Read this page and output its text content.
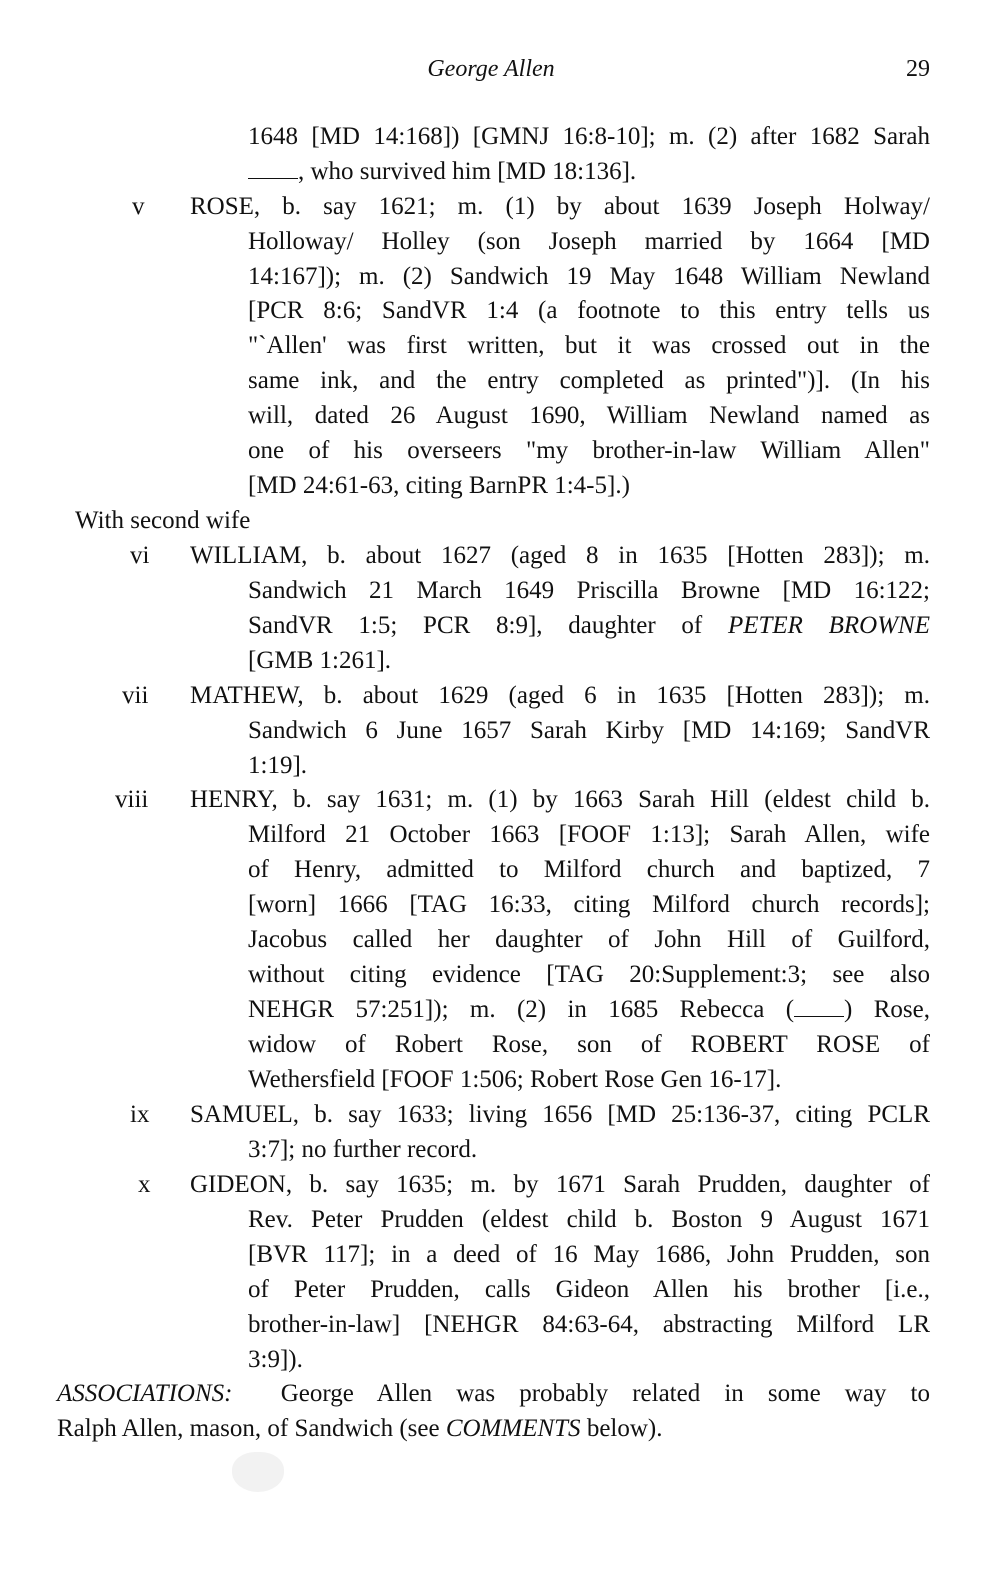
George Allen	29
1648 [MD 14:168]) [GMNJ 16:8-10]; m. (2) after 1682 Sarah
, who survived him [MD 18:136].
v ROSE, b. say 1621; m. (1) by about 1639 Joseph Holway/
Holloway/ Holley (son Joseph married by 1664 [MD
14:167]); m. (2) Sandwich 19 May 1648 William Newland
[PCR 8:6; SandVR 1:4 (a footnote to this entry tells us
"`Allen' was first written, but it was crossed out in the
same ink, and the entry completed as printed")]. (In his
will, dated 26 August 1690, William Newland named as
one of his overseers "my brother-in-law William Allen"
[MD 24:61-63, citing BarnPR 1:4-5].)
With second wife
vi WILLIAM, b. about 1627 (aged 8 in 1635 [Hotten 283]); m.
Sandwich 21 March 1649 Priscilla Browne [MD 16:122;
SandVR 1:5; PCR 8:9], daughter of PETER BROWNE
[GMB 1:261].
vii MATHEW, b. about 1629 (aged 6 in 1635 [Hotten 283]); m.
Sandwich 6 June 1657 Sarah Kirby [MD 14:169; SandVR
1:19].
viii HENRY, b. say 1631; m. (1) by 1663 Sarah Hill (eldest child b.
Milford 21 October 1663 [FOOF 1:13]; Sarah Allen, wife
of Henry, admitted to Milford church and baptized, 7
[worn] 1666 [TAG 16:33, citing Milford church records];
Jacobus called her daughter of John Hill of Guilford,
without citing evidence [TAG 20:Supplement:3; see also
NEHGR 57:251]); m. (2) in 1685 Rebecca ( ) Rose,
widow of Robert Rose, son of ROBERT ROSE of
Wethersfield [FOOF 1:506; Robert Rose Gen 16-17].
ix SAMUEL, b. say 1633; living 1656 [MD 25:136-37, citing PCLR
3:7]; no further record.
x GIDEON, b. say 1635; m. by 1671 Sarah Prudden, daughter of
Rev. Peter Prudden (eldest child b. Boston 9 August 1671
[BVR 117]; in a deed of 16 May 1686, John Prudden, son
of Peter Prudden, calls Gideon Allen his brother [i.e.,
brother-in-law] [NEHGR 84:63-64, abstracting Milford LR
3:9]).
ASSOCIATIONS: George Allen was probably related in some way to
Ralph Allen, mason, of Sandwich (see COMMENTS below).
